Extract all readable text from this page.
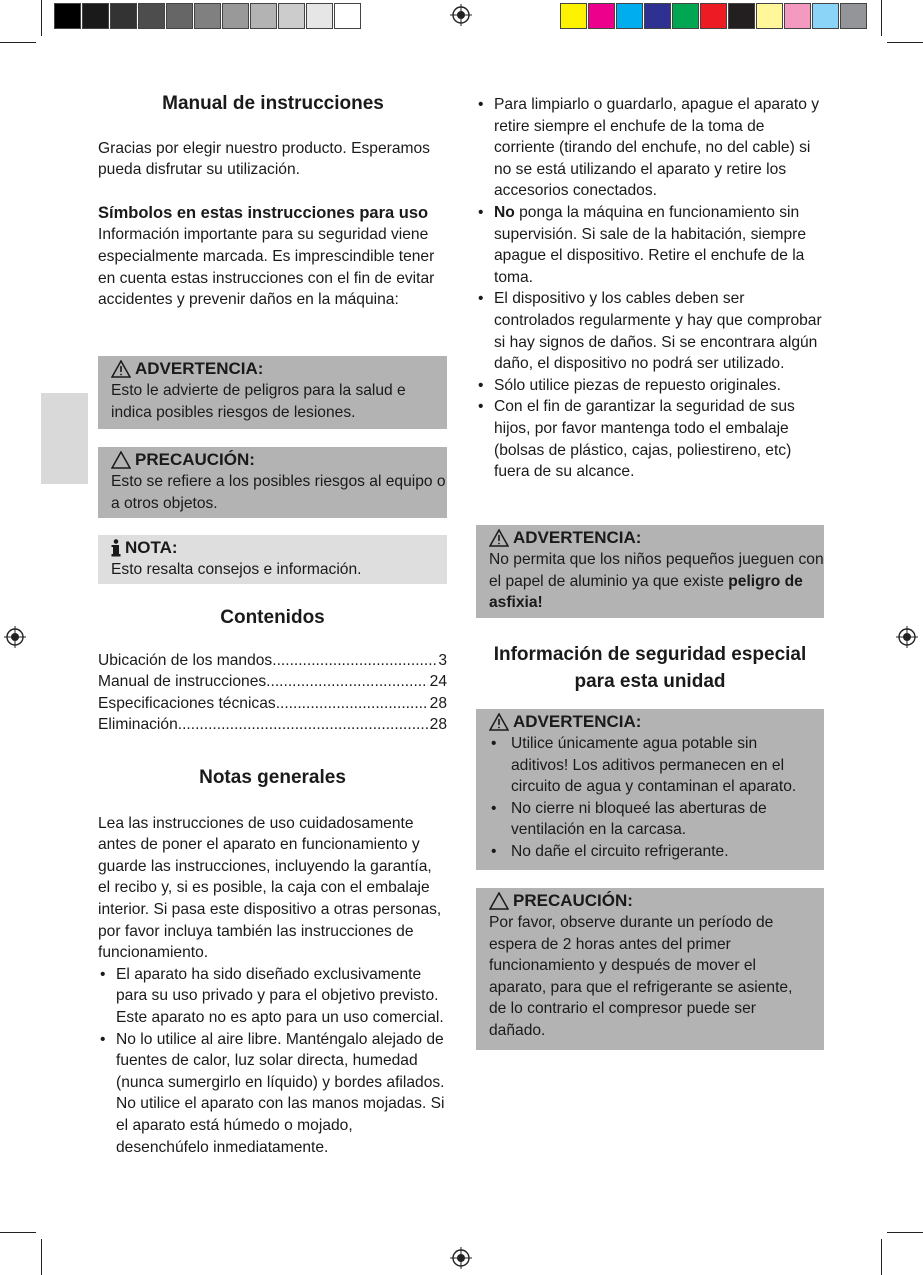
Manual de instrucciones

Gracias por elegir nuestro producto. Esperamos pueda disfrutar su utilización.

Símbolos en estas instrucciones para uso

Información importante para su seguridad viene especialmente marcada. Es imprescindible tener en cuenta estas instrucciones con el fin de evitar accidentes y prevenir daños en la máquina:

ADVERTENCIA:

Esto le advierte de peligros para la salud e indica posibles riesgos de lesiones.

PRECAUCIÓN:

Esto se refiere a los posibles riesgos al equipo o a otros objetos.

NOTA:

Esto resalta consejos e información.

Contenidos

Ubicación de los mandos .....	3
Manual de instrucciones .....	24
Especificaciones técnicas .....	28
Eliminación .....	28

Notas generales

Lea las instrucciones de uso cuidadosamente antes de poner el aparato en funcionamiento y guarde las instrucciones, incluyendo la garantía, el recibo y, si es posible, la caja con el embalaje interior. Si pasa este dispositivo a otras personas, por favor incluya también las instrucciones de funcionamiento.

• El aparato ha sido diseñado exclusivamente para su uso privado y para el objetivo previsto. Este aparato no es apto para un uso comercial.
• No lo utilice al aire libre. Manténgalo alejado de fuentes de calor, luz solar directa, humedad (nunca sumergirlo en líquido) y bordes afilados. No utilice el aparato con las manos mojadas. Si el aparato está húmedo o mojado, desenchúfelo inmediatamente.
• Para limpiarlo o guardarlo, apague el aparato y retire siempre el enchufe de la toma de corriente (tirando del enchufe, no del cable) si no se está utilizando el aparato y retire los accesorios conectados.
• No ponga la máquina en funcionamiento sin supervisión. Si sale de la habitación, siempre apague el dispositivo. Retire el enchufe de la toma.
• El dispositivo y los cables deben ser controlados regularmente y hay que comprobar si hay signos de daños. Si se encontrara algún daño, el dispositivo no podrá ser utilizado.
• Sólo utilice piezas de repuesto originales.
• Con el fin de garantizar la seguridad de sus hijos, por favor mantenga todo el embalaje (bolsas de plástico, cajas, poliestireno, etc) fuera de su alcance.
ADVERTENCIA:

No permita que los niños pequeños jueguen con el papel de aluminio ya que existe peligro de asfixia!

Información de seguridad especial

para esta unidad

ADVERTENCIA:
• Utilice únicamente agua potable sin aditivos! Los aditivos permanecen en el circuito de agua y contaminan el aparato.
• No cierre ni bloqueé las aberturas de ventilación en la carcasa.
• No dañe el circuito refrigerante.
PRECAUCIÓN:

Por favor, observe durante un período de espera de 2 horas antes del primer funcionamiento y después de mover el aparato, para que el refrigerante se asiente, de lo contrario el compresor puede ser dañado.
